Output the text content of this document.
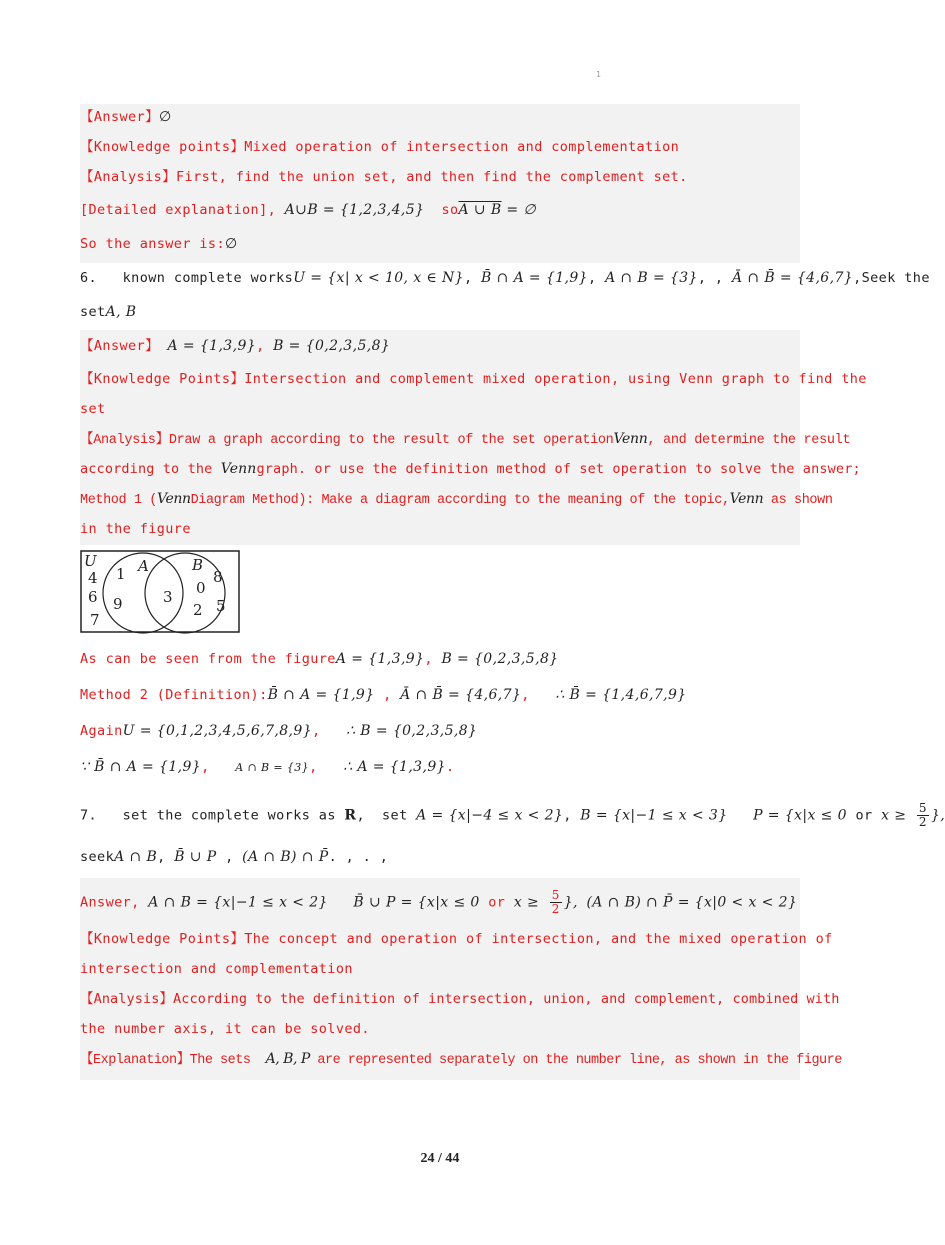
1
【Answer】∅
【Knowledge points】Mixed operation of intersection and complementation
【Analysis】First, find the union set, and then find the complement set.
[Detailed explanation], A∪B = {1,2,3,4,5} soA ∪ B = ∅
So the answer is:∅
6. known complete worksU = {x| x < 10, x ∈ N}, B̄ ∩ A = {1,9}, A ∩ B = {3}, , Ā ∩ B̄ = {4,6,7},Seek the
setA, B
【Answer】 A = {1,3,9}, B = {0,2,3,5,8}
【Knowledge Points】Intersection and complement mixed operation, using Venn graph to find the
set
【Analysis】Draw a graph according to the result of the set operationVenn, and determine the result
according to the Venngraph. or use the definition method of set operation to solve the answer;
Method 1 (VennDiagram Method): Make a diagram according to the meaning of the topic,Venn as shown
in the figure
U	A	B
4
6
7
1
9	3
8
0
2 5
As can be seen from the figureA = {1,3,9}, B = {0,2,3,5,8}
Method 2 (Definition):B̄ ∩ A = {1,9} , Ā ∩ B̄ = {4,6,7},   ∴ B̄ = {1,4,6,7,9}
AgainU = {0,1,2,3,4,5,6,7,8,9},   ∴ B = {0,2,3,5,8}
∵ B̄ ∩ A = {1,9},   A ∩ B = {3},   ∴ A = {1,3,9}.
7. set the complete works as R,  set A = {x|−4 ≤ x < 2}, B = {x|−1 ≤ x < 3} P = {x|x ≤ 0 or $x \ge \frac{5}{2}$ },
seekA ∩ B, B̄ ∪ P , (A ∩ B) ∩ P̄. , . ,
Answer, A ∩ B = {x|−1 ≤ x < 2} B̄ ∪ P = {x|x ≤ 0 or $x \ge \frac{5}{2}$ }, (A ∩ B) ∩ P̄ = {x|0 < x < 2}
【Knowledge Points】The concept and operation of intersection, and the mixed operation of
intersection and complementation
【Analysis】According to the definition of intersection, union, and complement, combined with
the number axis, it can be solved.
【Explanation】The sets A, B, P are represented separately on the number line, as shown in the figure
24 / 44
